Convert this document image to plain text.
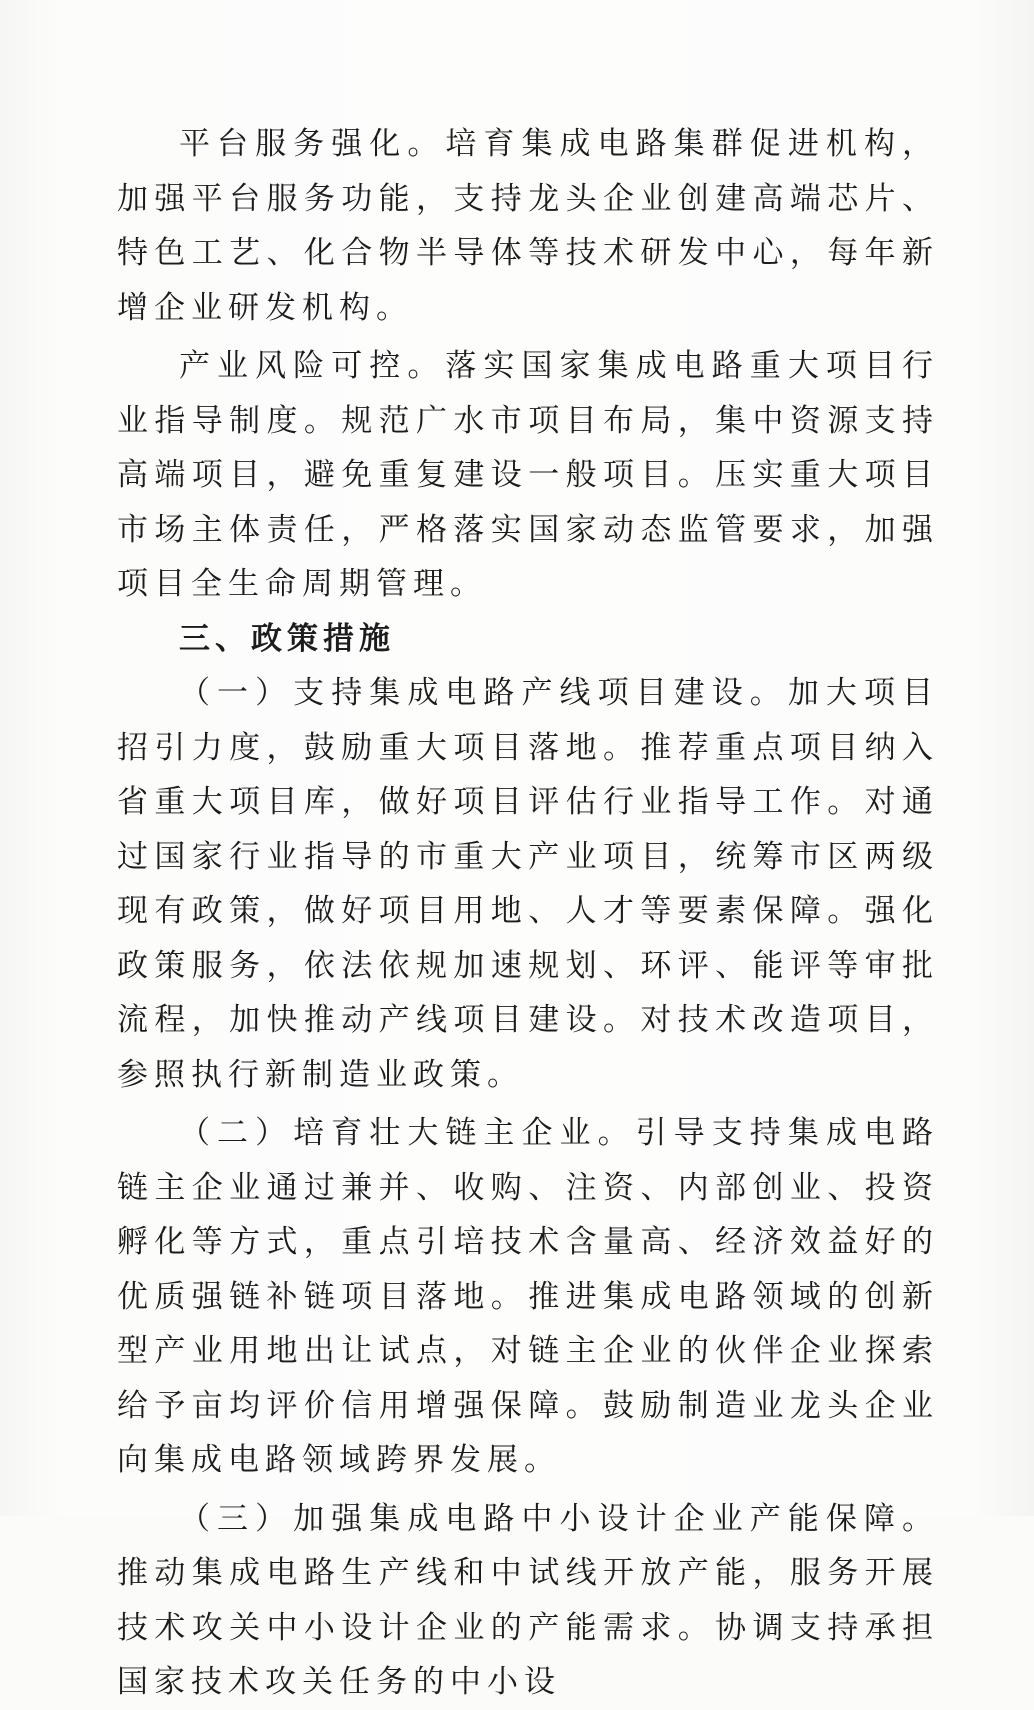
平台服务强化。培育集成电路集群促进机构，加强平台服务功能，支持龙头企业创建高端芯片、特色工艺、化合物半导体等技术研发中心，每年新增企业研发机构。

产业风险可控。落实国家集成电路重大项目行业指导制度。规范广水市项目布局，集中资源支持高端项目，避免重复建设一般项目。压实重大项目市场主体责任，严格落实国家动态监管要求，加强项目全生命周期管理。

三、政策措施

（一）支持集成电路产线项目建设。加大项目招引力度，鼓励重大项目落地。推荐重点项目纳入省重大项目库，做好项目评估行业指导工作。对通过国家行业指导的市重大产业项目，统筹市区两级现有政策，做好项目用地、人才等要素保障。强化政策服务，依法依规加速规划、环评、能评等审批流程，加快推动产线项目建设。对技术改造项目，参照执行新制造业政策。

（二）培育壮大链主企业。引导支持集成电路链主企业通过兼并、收购、注资、内部创业、投资孵化等方式，重点引培技术含量高、经济效益好的优质强链补链项目落地。推进集成电路领域的创新型产业用地出让试点，对链主企业的伙伴企业探索给予亩均评价信用增强保障。鼓励制造业龙头企业向集成电路领域跨界发展。

（三）加强集成电路中小设计企业产能保障。推动集成电路生产线和中试线开放产能，服务开展技术攻关中小设计企业的产能需求。协调支持承担国家技术攻关任务的中小设
